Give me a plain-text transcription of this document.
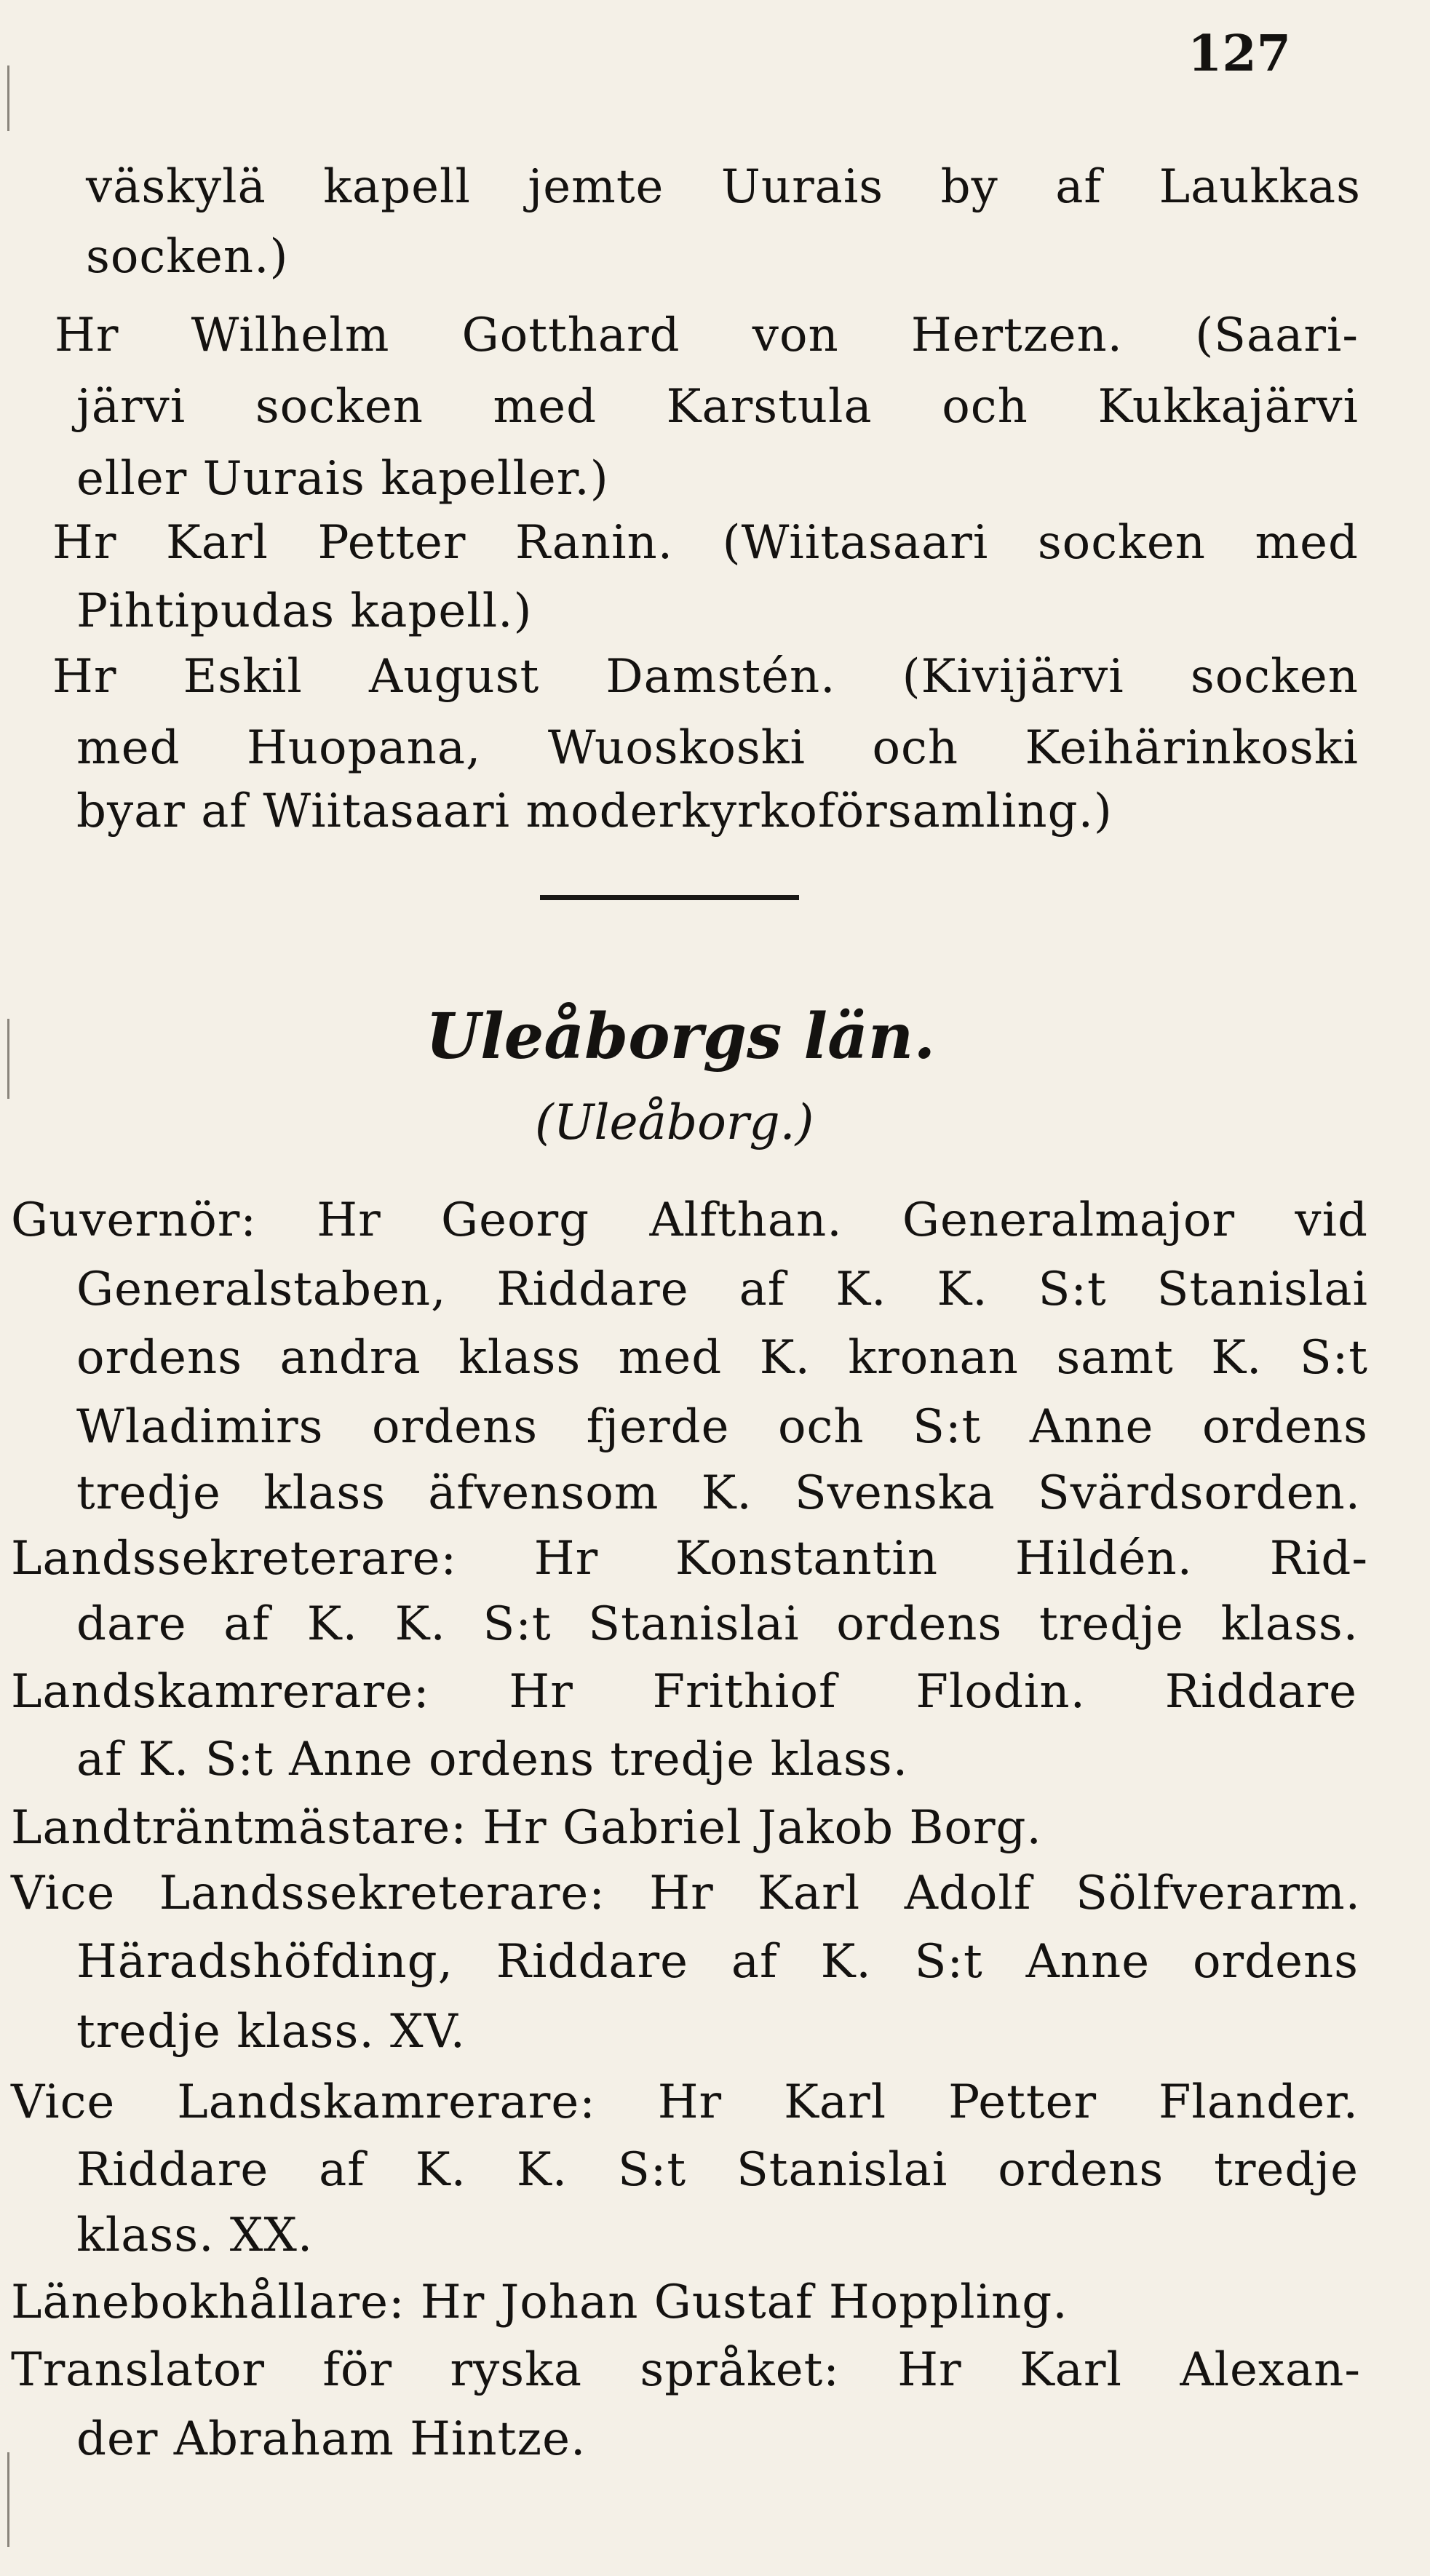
127
väskylä kapell jemte Uurais by af Laukkas
socken.)
Hr Wilhelm Gotthard von Hertzen. (Saari-
järvi socken med Karstula och Kukkajärvi
eller Uurais kapeller.)
Hr Karl Petter Ranin. (Wiitasaari socken med
Pihtipudas kapell.)
Hr Eskil August Damstén. (Kivijärvi socken
med Huopana, Wuoskoski och Keihärinkoski
byar af Wiitasaari moderkyrkoförsamling.)
Uleåborgs län.
(Uleåborg.)
Guvernör: Hr Georg Alfthan. Generalmajor vid
Generalstaben, Riddare af K. K. S:t Stanislai
ordens andra klass med K. kronan samt K. S:t
Wladimirs ordens fjerde och S:t Anne ordens
tredje klass äfvensom K. Svenska Svärdsorden.
Landssekreterare: Hr Konstantin Hildén. Rid-
dare af K. K. S:t Stanislai ordens tredje klass.
Landskamrerare: Hr Frithiof Flodin. Riddare
af K. S:t Anne ordens tredje klass.
Landträntmästare: Hr Gabriel Jakob Borg.
Vice Landssekreterare: Hr Karl Adolf Sölfverarm.
Häradshöfding, Riddare af K. S:t Anne ordens
tredje klass. XV.
Vice Landskamrerare: Hr Karl Petter Flander.
Riddare af K. K. S:t Stanislai ordens tredje
klass. XX.
Länebokhållare: Hr Johan Gustaf Hoppling.
Translator för ryska språket: Hr Karl Alexan-
der Abraham Hintze.
